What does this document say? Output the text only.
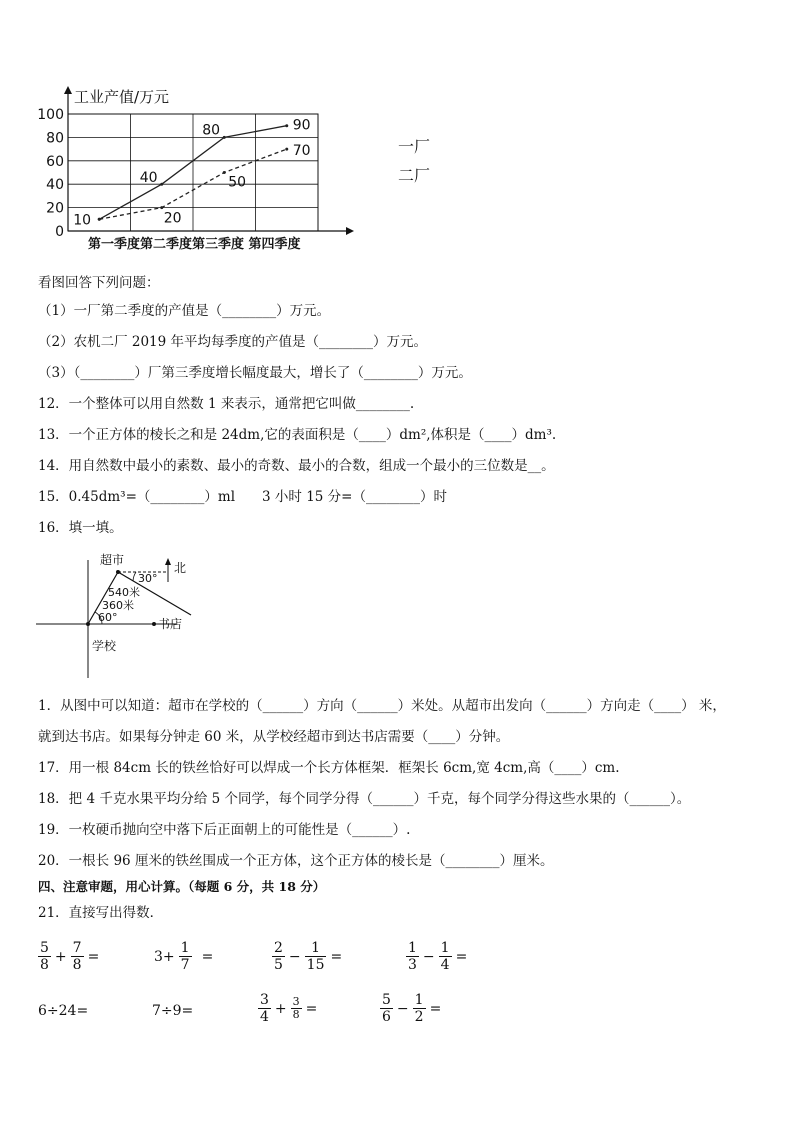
0
20
40
60
80
100
工业产值/万元
第一季度第二季度第三季度 第四季度
10
40
80	90
20
50
70	一厂
二厂
看图回答下列问题：
（1）一厂第二季度的产值是（________）万元。
（2）农机二厂 2019 年平均每季度的产值是（________）万元。
（3）（________）厂第三季度增长幅度最大，增长了（________）万元。
12．一个整体可以用自然数 1 来表示，通常把它叫做________.
13．一个正方体的棱长之和是 24dm,它的表面积是（____）dm²,体积是（____）dm³.
14．用自然数中最小的素数、最小的奇数、最小的合数，组成一个最小的三位数是__。
15．0.45dm³=（________）ml　　3 小时 15 分=（________）时
16．填一填。
超市
北
30°
540米
360米
60°	书店
学校
1．从图中可以知道：超市在学校的（______）方向（______）米处。从超市出发向（______）方向走（____） 米，
就到达书店。如果每分钟走 60 米，从学校经超市到达书店需要（____）分钟。
17．用一根 84cm 长的铁丝恰好可以焊成一个长方体框架．框架长 6cm,宽 4cm,高（____）cm.
18．把 4 千克水果平均分给 5 个同学，每个同学分得（______）千克，每个同学分得这些水果的（______）。
19．一枚硬币抛向空中落下后正面朝上的可能性是（______）.
20．一根长 96 厘米的铁丝围成一个正方体，这个正方体的棱长是（________）厘米。
四、注意审题，用心计算。（每题 6 分，共 18 分）
21．直接写出得数．
$\frac{5}{8} + \frac{7}{8}$ =	$3+ \frac{1}{7}$ =	$\frac{2}{5} - \frac{1}{15}$ =	$\frac{1}{3} - \frac{1}{4}$ =
6÷24=	7÷9=	$\frac{3}{4} + \frac{3}{8}$ =	$\frac{5}{6} - \frac{1}{2}$ =
